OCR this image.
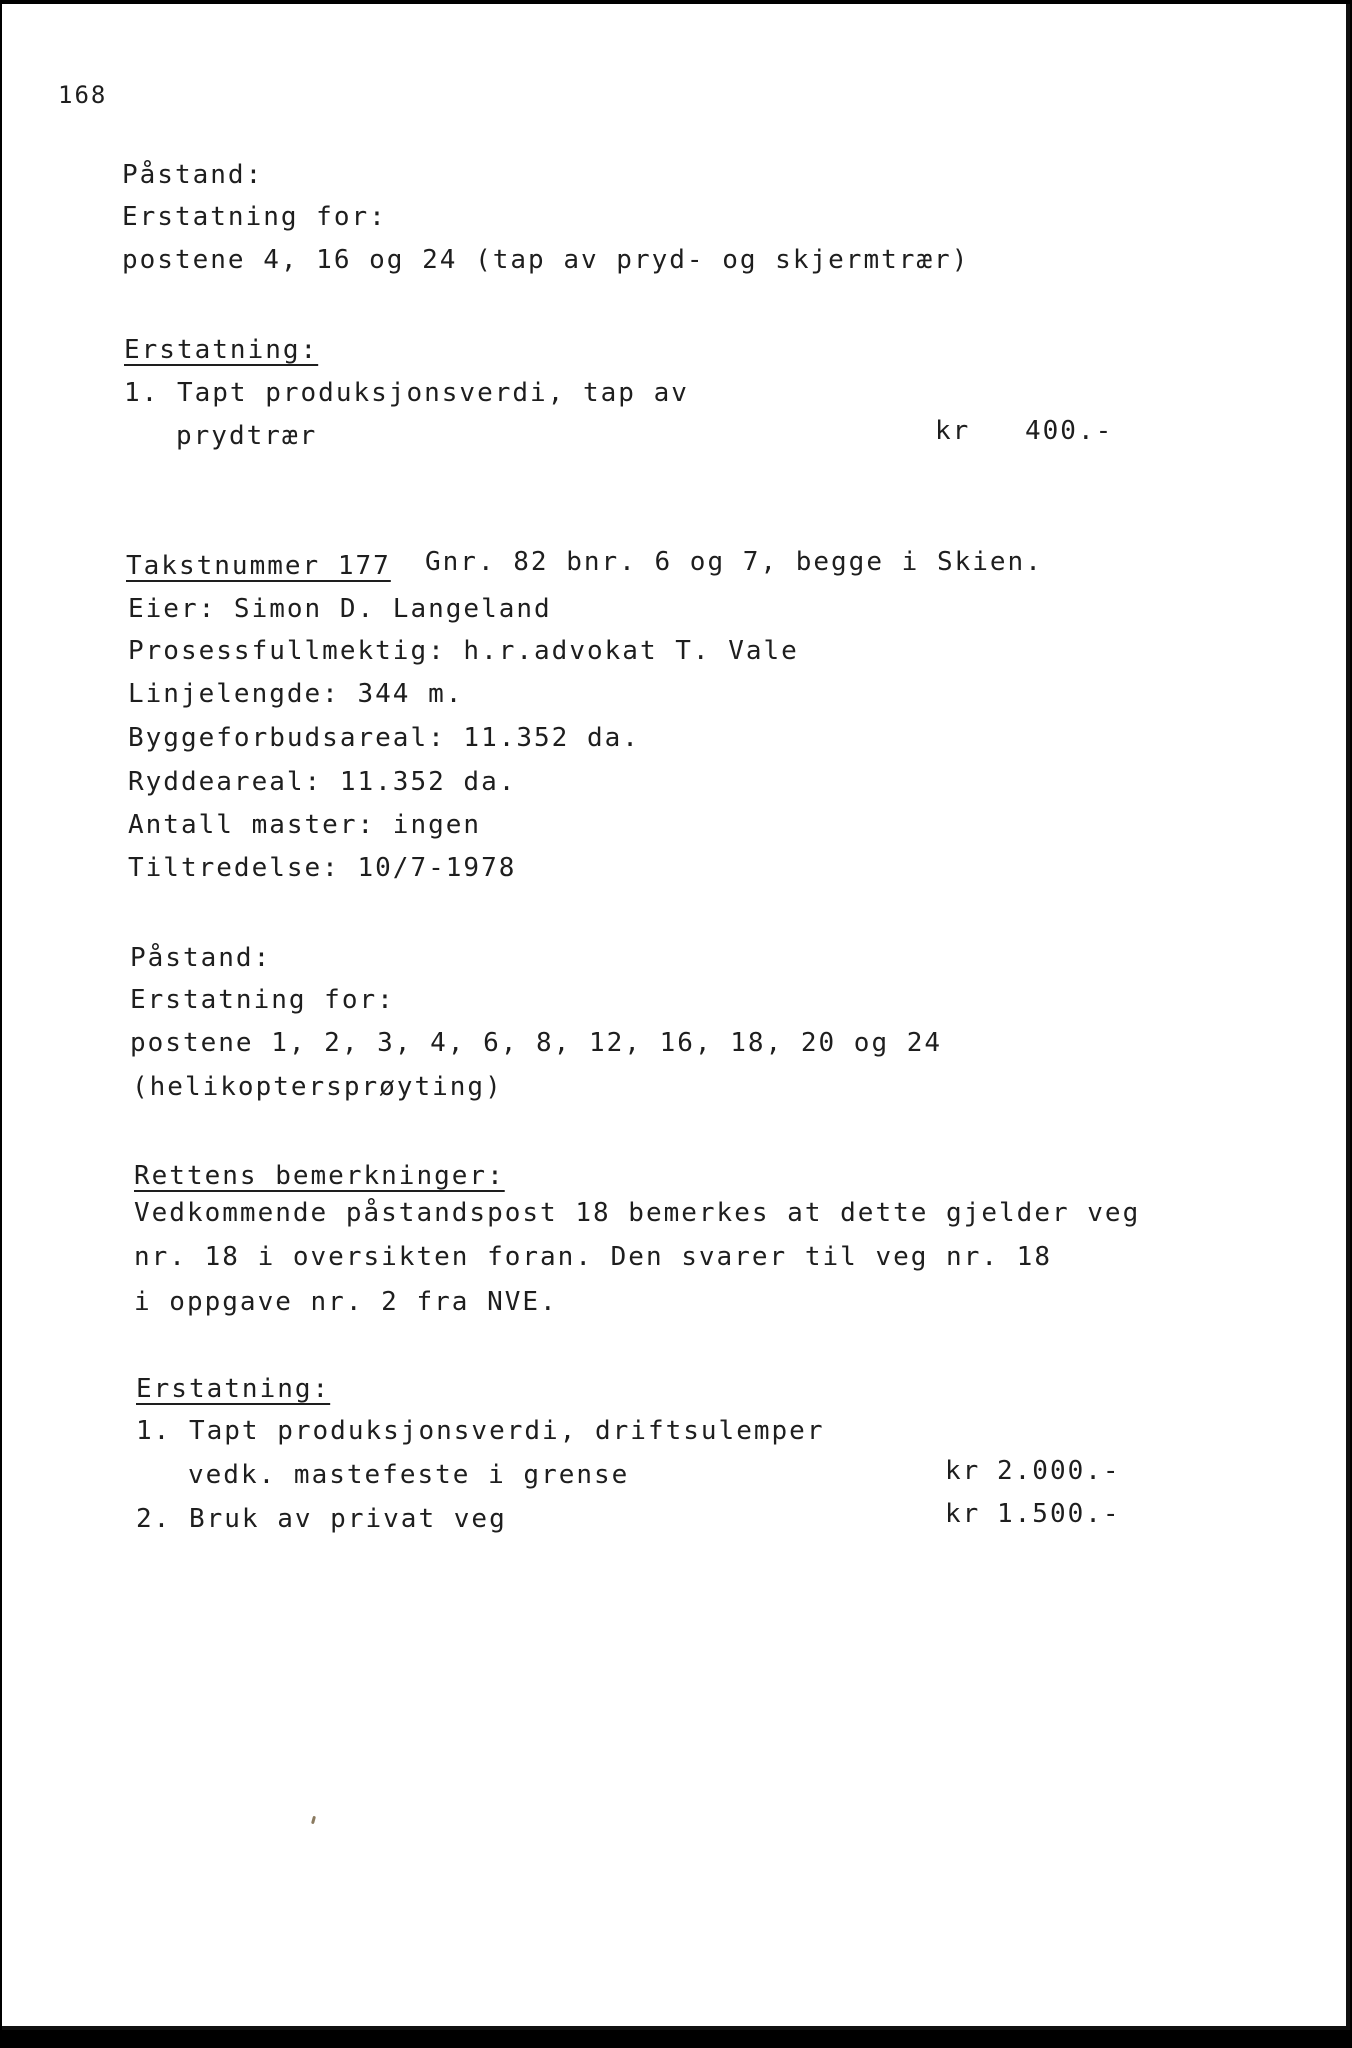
168
Påstand:
Erstatning for:
postene 4, 16 og 24 (tap av pryd- og skjermtrær)
Erstatning:
1. Tapt produksjonsverdi, tap av
prydtrær	kr 400.-
Takstnummer 177 Gnr. 82 bnr. 6 og 7, begge i Skien.
Eier: Simon D. Langeland
Prosessfullmektig: h.r.advokat T. Vale
Linjelengde: 344 m.
Byggeforbudsareal: 11.352 da.
Ryddeareal: 11.352 da.
Antall master: ingen
Tiltredelse: 10/7-1978
Påstand:
Erstatning for:
postene 1, 2, 3, 4, 6, 8, 12, 16, 18, 20 og 24
(helikoptersprøyting)
Rettens bemerkninger:
Vedkommende påstandspost 18 bemerkes at dette gjelder veg
nr. 18 i oversikten foran. Den svarer til veg nr. 18
i oppgave nr. 2 fra NVE.
Erstatning:
1. Tapt produksjonsverdi, driftsulemper
vedk. mastefeste i grense	kr 2.000.-
2. Bruk av privat veg	kr 1.500.-
